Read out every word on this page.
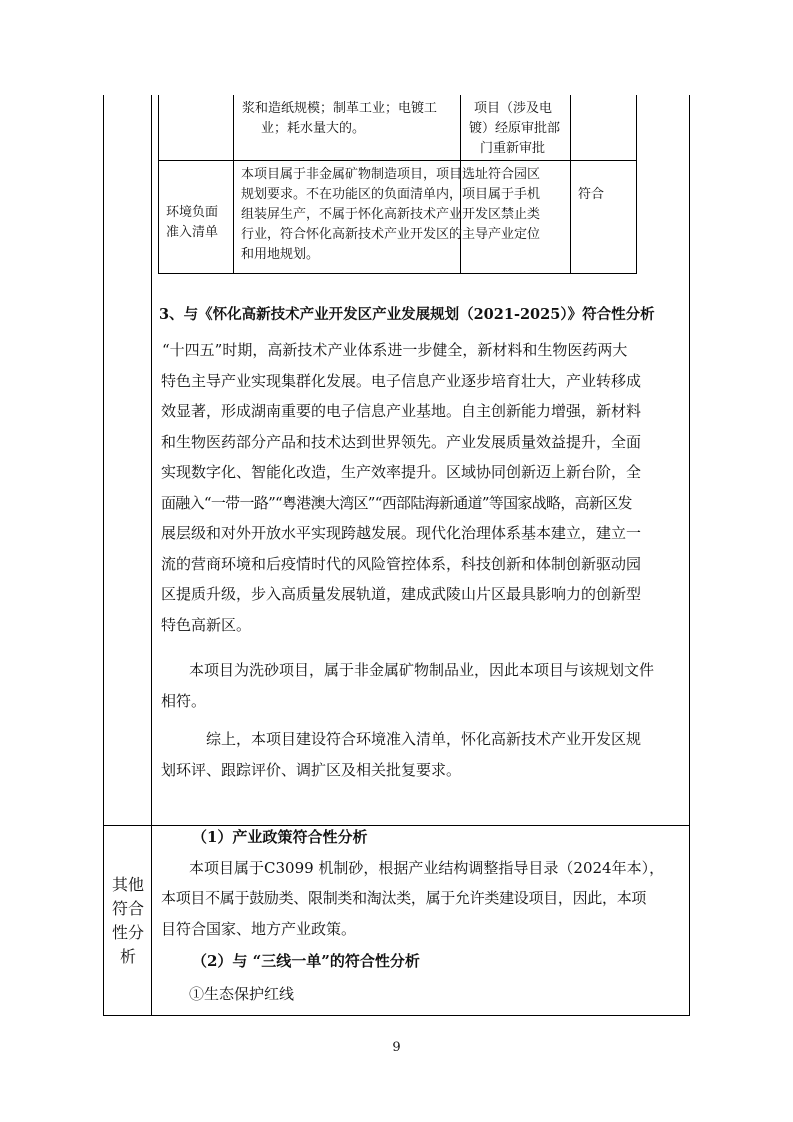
浆和造纸规模；制革工业；电镀工
业；耗水量大的。
项目（涉及电
镀）经原审批部
门重新审批
环境负面
准入清单
本项目属于非金属矿物制造项目，项目选址符合园区
规划要求。不在功能区的负面清单内，项目属于手机
组装屏生产，不属于怀化高新技术产业开发区禁止类
行业，符合怀化高新技术产业开发区的主导产业定位
和用地规划。
符合
3、与《怀化高新技术产业开发区产业发展规划（2021-2025）》符合性分析
“十四五”时期，高新技术产业体系进一步健全，新材料和生物医药两大
特色主导产业实现集群化发展。电子信息产业逐步培育壮大，产业转移成
效显著，形成湖南重要的电子信息产业基地。自主创新能力增强，新材料
和生物医药部分产品和技术达到世界领先。产业发展质量效益提升，全面
实现数字化、智能化改造，生产效率提升。区域协同创新迈上新台阶，全
面融入“一带一路”“粤港澳大湾区”“西部陆海新通道”等国家战略，高新区发
展层级和对外开放水平实现跨越发展。现代化治理体系基本建立，建立一
流的营商环境和后疫情时代的风险管控体系，科技创新和体制创新驱动园
区提质升级，步入高质量发展轨道，建成武陵山片区最具影响力的创新型
特色高新区。
本项目为洗砂项目，属于非金属矿物制品业，因此本项目与该规划文件
相符。
综上，本项目建设符合环境准入清单，怀化高新技术产业开发区规
划环评、跟踪评价、调扩区及相关批复要求。
其他
符合
性分
析
（1）产业政策符合性分析
本项目属于C3099 机制砂，根据产业结构调整指导目录（2024年本），
本项目不属于鼓励类、限制类和淘汰类，属于允许类建设项目，因此，本项
目符合国家、地方产业政策。
（2）与 “三线一单”的符合性分析
①生态保护红线
9
